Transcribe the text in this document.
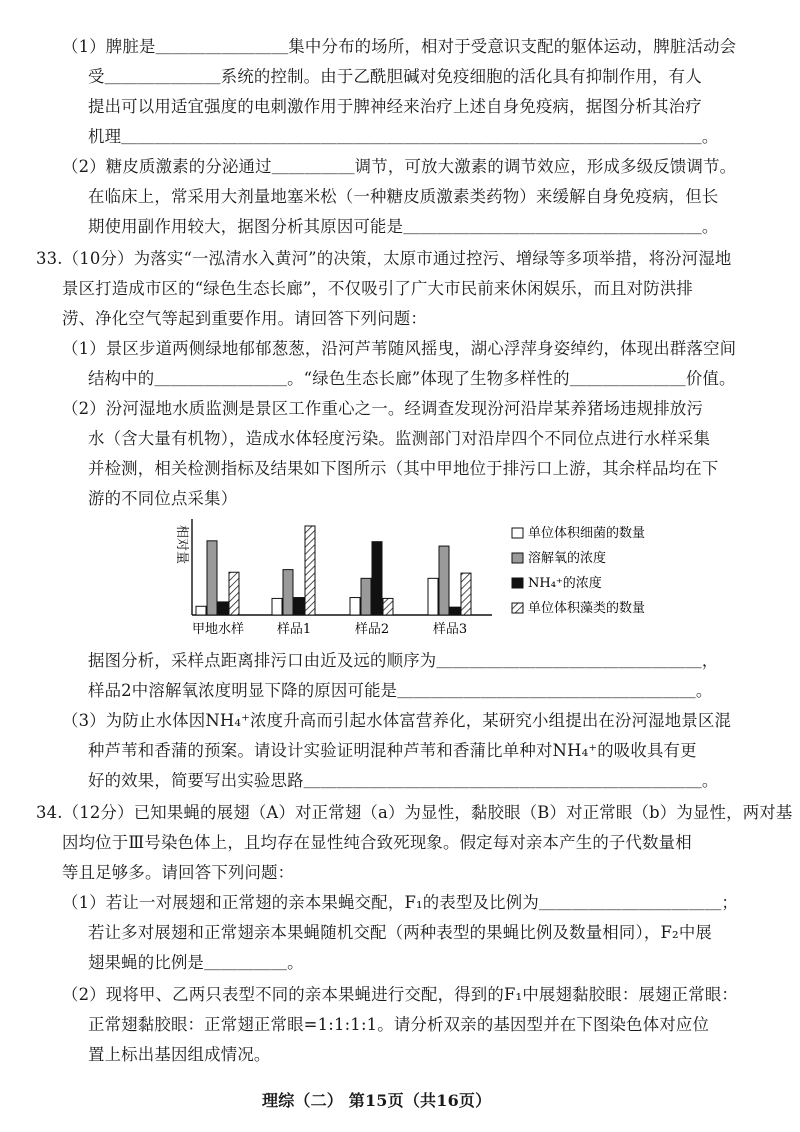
（1）脾脏是＿＿＿＿＿＿＿＿集中分布的场所，相对于受意识支配的躯体运动，脾脏活动会
受＿＿＿＿＿＿＿系统的控制。由于乙酰胆碱对免疫细胞的活化具有抑制作用，有人
提出可以用适宜强度的电刺激作用于脾神经来治疗上述自身免疫病，据图分析其治疗
机理＿＿＿＿＿＿＿＿＿＿＿＿＿＿＿＿＿＿＿＿＿＿＿＿＿＿＿＿＿＿＿＿＿＿＿。
（2）糖皮质激素的分泌通过＿＿＿＿＿调节，可放大激素的调节效应，形成多级反馈调节。
在临床上，常采用大剂量地塞米松（一种糖皮质激素类药物）来缓解自身免疫病，但长
期使用副作用较大，据图分析其原因可能是＿＿＿＿＿＿＿＿＿＿＿＿＿＿＿＿＿＿。
33.（10分）为落实“一泓清水入黄河”的决策，太原市通过控污、增绿等多项举措，将汾河湿地
景区打造成市区的“绿色生态长廊”，不仅吸引了广大市民前来休闲娱乐，而且对防洪排
涝、净化空气等起到重要作用。请回答下列问题：
（1）景区步道两侧绿地郁郁葱葱，沿河芦苇随风摇曳，湖心浮萍身姿绰约，体现出群落空间
结构中的＿＿＿＿＿＿＿＿。“绿色生态长廊”体现了生物多样性的＿＿＿＿＿＿＿价值。
（2）汾河湿地水质监测是景区工作重心之一。经调查发现汾河沿岸某养猪场违规排放污
水（含大量有机物），造成水体轻度污染。监测部门对沿岸四个不同位点进行水样采集
并检测，相关检测指标及结果如下图所示（其中甲地位于排污口上游，其余样品均在下
游的不同位点采集）
据图分析，采样点距离排污口由近及远的顺序为＿＿＿＿＿＿＿＿＿＿＿＿＿＿＿＿，
样品2中溶解氧浓度明显下降的原因可能是＿＿＿＿＿＿＿＿＿＿＿＿＿＿＿＿＿＿。
（3）为防止水体因NH₄⁺浓度升高而引起水体富营养化，某研究小组提出在汾河湿地景区混
种芦苇和香蒲的预案。请设计实验证明混种芦苇和香蒲比单种对NH₄⁺的吸收具有更
好的效果，简要写出实验思路＿＿＿＿＿＿＿＿＿＿＿＿＿＿＿＿＿＿＿＿＿＿＿＿。
34.（12分）已知果蝇的展翅（A）对正常翅（a）为显性，黏胶眼（B）对正常眼（b）为显性，两对基
因均位于Ⅲ号染色体上，且均存在显性纯合致死现象。假定每对亲本产生的子代数量相
等且足够多。请回答下列问题：
（1）若让一对展翅和正常翅的亲本果蝇交配，F₁的表型及比例为＿＿＿＿＿＿＿＿＿＿＿；
若让多对展翅和正常翅亲本果蝇随机交配（两种表型的果蝇比例及数量相同），F₂中展
翅果蝇的比例是＿＿＿＿＿。
（2）现将甲、乙两只表型不同的亲本果蝇进行交配，得到的F₁中展翅黏胶眼：展翅正常眼：
正常翅黏胶眼：正常翅正常眼=1:1:1:1。请分析双亲的基因型并在下图染色体对应位
置上标出基因组成情况。
相对量
甲地水样	样品1	样品2	样品3
单位体积细菌的数量
溶解氧的浓度
NH₄⁺的浓度
单位体积藻类的数量
理综（二） 第15页（共16页）
